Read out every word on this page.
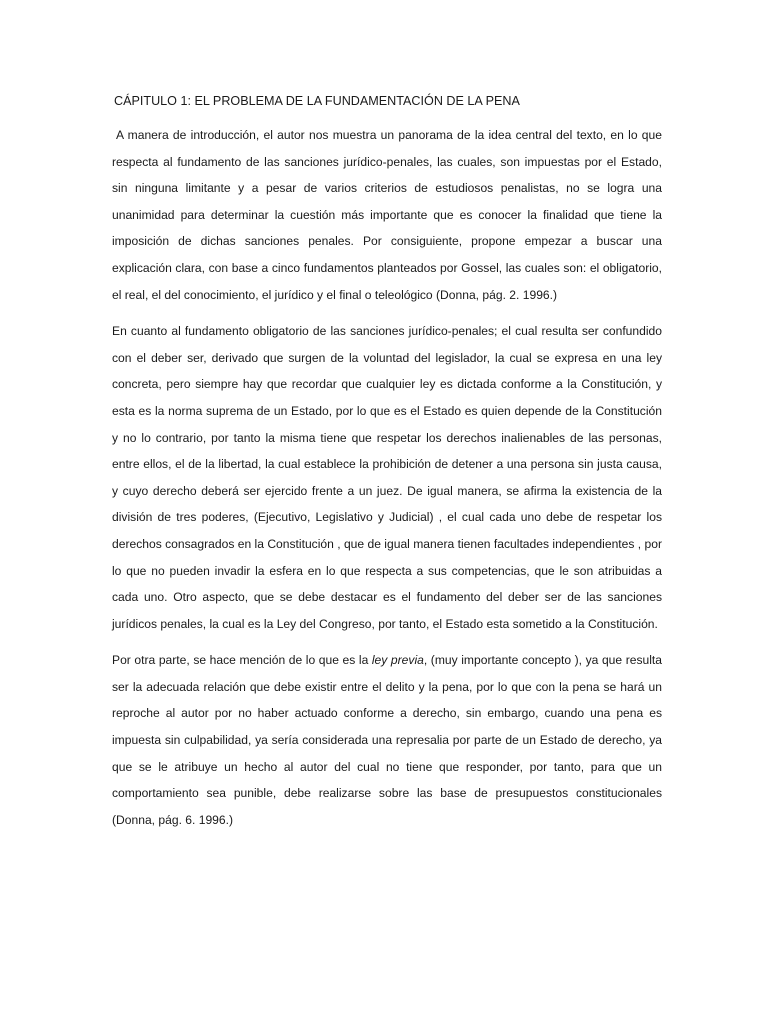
CÁPITULO 1: EL PROBLEMA DE LA FUNDAMENTACIÓN DE LA PENA

A manera de introducción, el autor nos muestra un panorama de la idea central del texto, en lo que respecta al fundamento de las sanciones jurídico-penales, las cuales, son impuestas por el Estado, sin ninguna limitante y a pesar de varios criterios de estudiosos penalistas, no se logra una unanimidad para determinar la cuestión más importante que es conocer la finalidad que tiene la imposición de dichas sanciones penales. Por consiguiente, propone empezar a buscar una explicación clara, con base a cinco fundamentos planteados por Gossel, las cuales son: el obligatorio, el real, el del conocimiento, el jurídico y el final o teleológico (Donna, pág. 2. 1996.)

En cuanto al fundamento obligatorio de las sanciones jurídico-penales; el cual resulta ser confundido con el deber ser, derivado que surgen de la voluntad del legislador, la cual se expresa en una ley concreta, pero siempre hay que recordar que cualquier ley es dictada conforme a la Constitución, y esta es la norma suprema de un Estado, por lo que es el Estado es quien depende de la Constitución y no lo contrario, por tanto la misma tiene que respetar los derechos inalienables de las personas, entre ellos, el de la libertad, la cual establece la prohibición de detener a una persona sin justa causa, y cuyo derecho deberá ser ejercido frente a un juez. De igual manera, se afirma la existencia de la división de tres poderes, (Ejecutivo, Legislativo y Judicial) , el cual cada uno debe de respetar los derechos consagrados en la Constitución , que de igual manera tienen facultades independientes , por lo que no pueden invadir la esfera en lo que respecta a sus competencias, que le son atribuidas a cada uno. Otro aspecto, que se debe destacar es el fundamento del deber ser de las sanciones jurídicos penales, la cual es la Ley del Congreso, por tanto, el Estado esta sometido a la Constitución.

Por otra parte, se hace mención de lo que es la ley previa, (muy importante concepto ), ya que resulta ser la adecuada relación que debe existir entre el delito y la pena, por lo que con la pena se hará un reproche al autor por no haber actuado conforme a derecho, sin embargo, cuando una pena es impuesta sin culpabilidad, ya sería considerada una represalia por parte de un Estado de derecho, ya que se le atribuye un hecho al autor del cual no tiene que responder, por tanto, para que un comportamiento sea punible, debe realizarse sobre las base de presupuestos constitucionales (Donna, pág. 6. 1996.)
